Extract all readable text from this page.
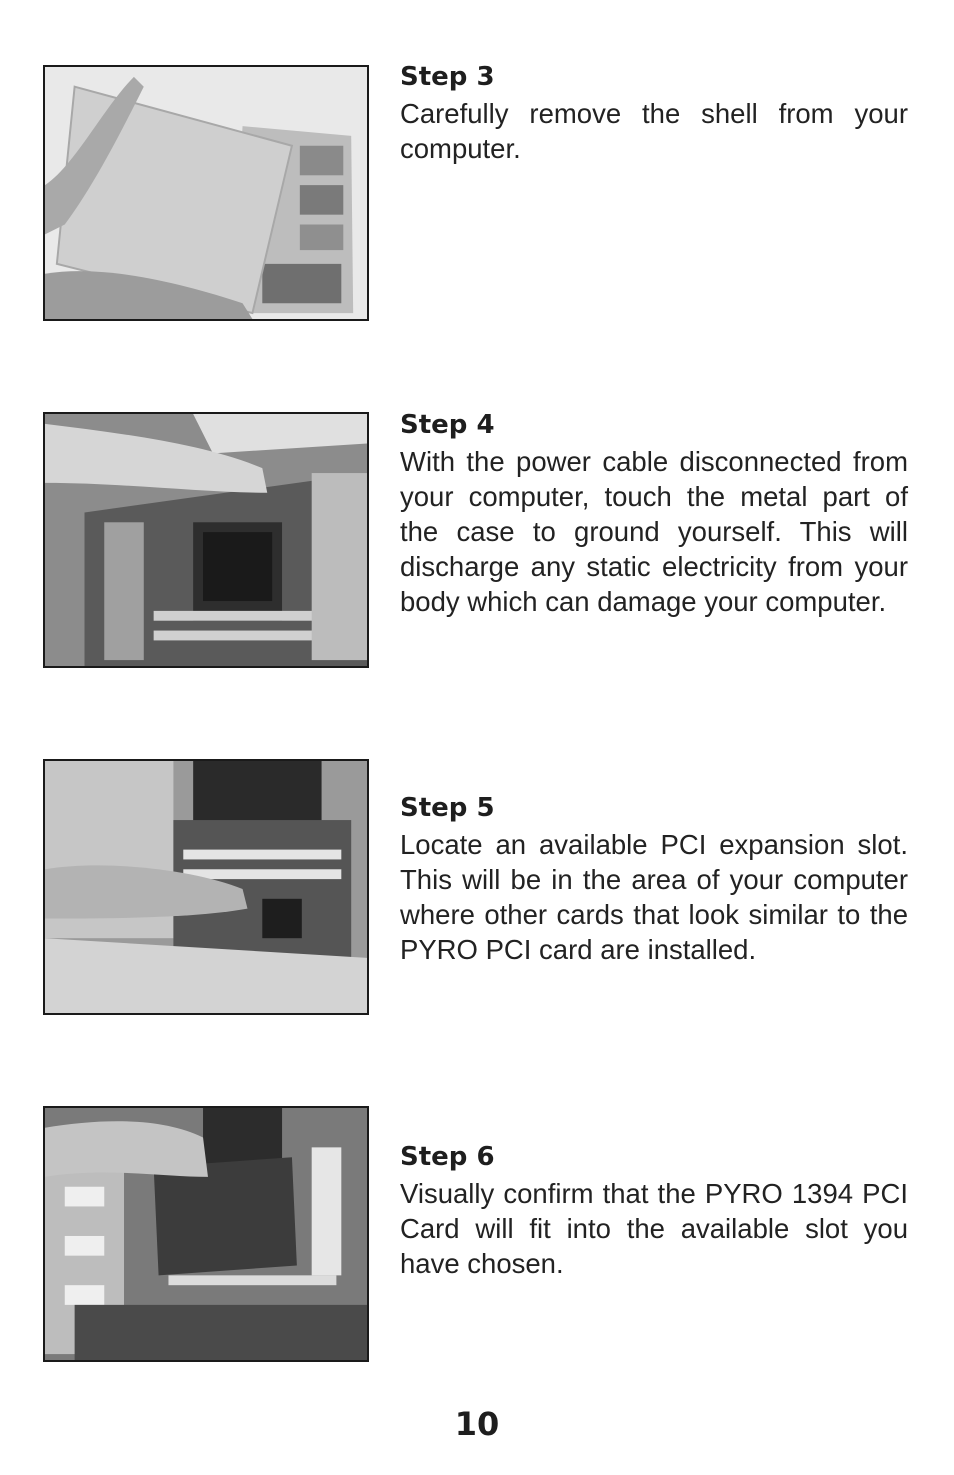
Step 3

Carefully remove the shell from your computer.

Step 4

With the power cable disconnected from your computer, touch the metal part of the case to ground yourself. This will discharge any static electricity from your body which can damage your computer.

Step 5

Locate an available PCI expansion slot. This will be in the area of your computer where other cards that look similar to the PYRO PCI card are installed.

Step 6

Visually confirm that the PYRO 1394 PCI Card will fit into the available slot you have chosen.

10
